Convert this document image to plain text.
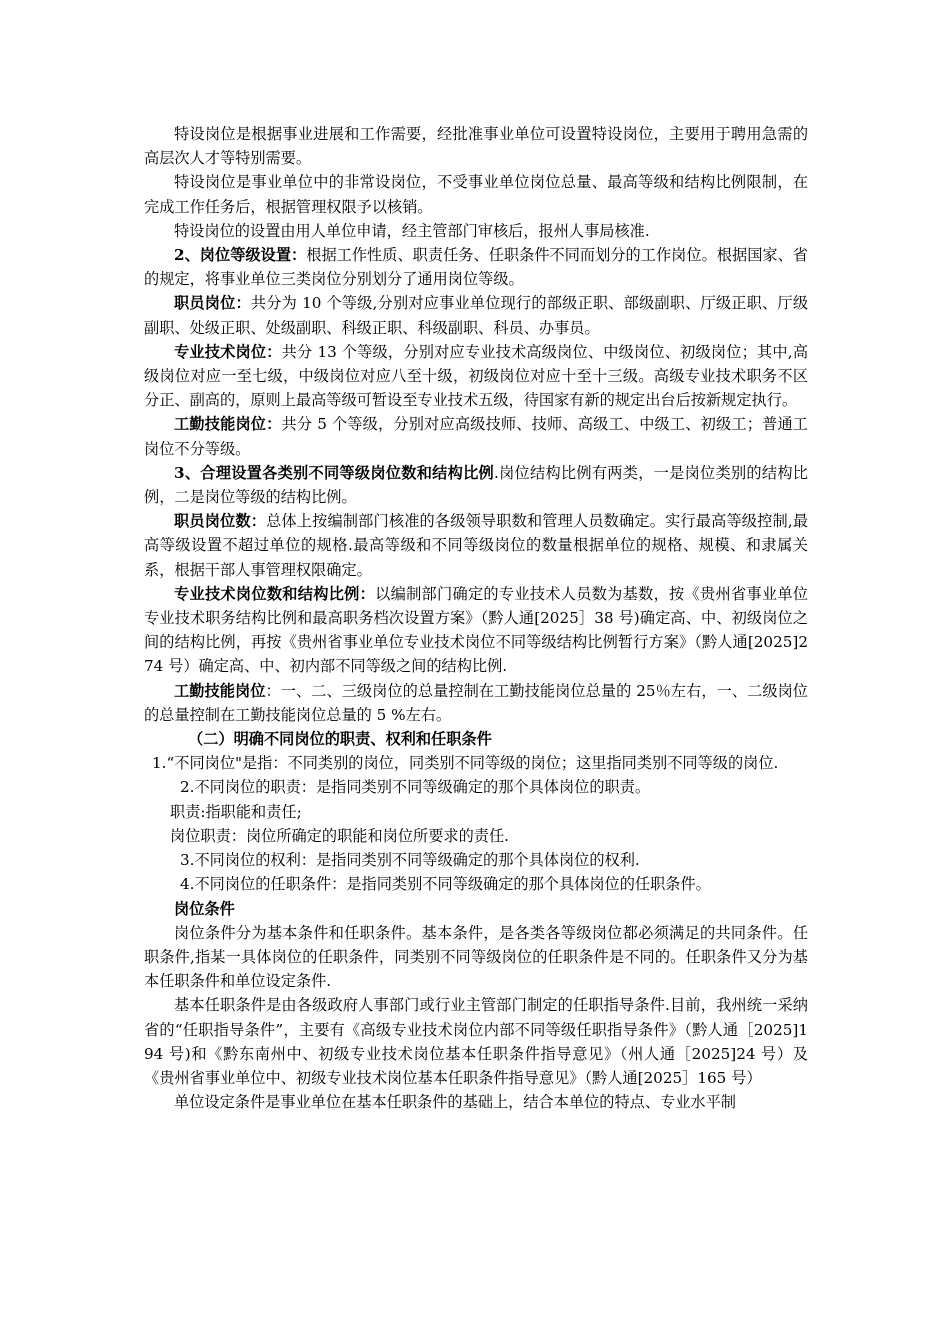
特设岗位是根据事业进展和工作需要，经批准事业单位可设置特设岗位，主要用于聘用急需的高层次人才等特别需要。

特设岗位是事业单位中的非常设岗位，不受事业单位岗位总量、最高等级和结构比例限制，在完成工作任务后，根据管理权限予以核销。

特设岗位的设置由用人单位申请，经主管部门审核后，报州人事局核准.

2、岗位等级设置：根据工作性质、职责任务、任职条件不同而划分的工作岗位。根据国家、省的规定，将事业单位三类岗位分别划分了通用岗位等级。

职员岗位：共分为 10 个等级,分别对应事业单位现行的部级正职、部级副职、厅级正职、厅级副职、处级正职、处级副职、科级正职、科级副职、科员、办事员。

专业技术岗位：共分 13 个等级，分别对应专业技术高级岗位、中级岗位、初级岗位；其中,高级岗位对应一至七级，中级岗位对应八至十级，初级岗位对应十至十三级。高级专业技术职务不区分正、副高的，原则上最高等级可暂设至专业技术五级，待国家有新的规定出台后按新规定执行。

工勤技能岗位：共分 5 个等级，分别对应高级技师、技师、高级工、中级工、初级工；普通工岗位不分等级。

3、合理设置各类别不同等级岗位数和结构比例.岗位结构比例有两类，一是岗位类别的结构比例，二是岗位等级的结构比例。

职员岗位数：总体上按编制部门核准的各级领导职数和管理人员数确定。实行最高等级控制,最高等级设置不超过单位的规格.最高等级和不同等级岗位的数量根据单位的规格、规模、和隶属关系，根据干部人事管理权限确定。

专业技术岗位数和结构比例：以编制部门确定的专业技术人员数为基数，按《贵州省事业单位专业技术职务结构比例和最高职务档次设置方案》（黔人通[2025］38 号)确定高、中、初级岗位之间的结构比例，再按《贵州省事业单位专业技术岗位不同等级结构比例暂行方案》（黔人通[2025]274 号）确定高、中、初内部不同等级之间的结构比例.

工勤技能岗位：一、二、三级岗位的总量控制在工勤技能岗位总量的 25％左右，一、二级岗位的总量控制在工勤技能岗位总量的 5 %左右。

（二）明确不同岗位的职责、权利和任职条件

1.“不同岗位"是指：不同类别的岗位，同类别不同等级的岗位；这里指同类别不同等级的岗位.

2.不同岗位的职责：是指同类别不同等级确定的那个具体岗位的职责。

职责:指职能和责任;

岗位职责：岗位所确定的职能和岗位所要求的责任.

3.不同岗位的权利：是指同类别不同等级确定的那个具体岗位的权利.

4.不同岗位的任职条件：是指同类别不同等级确定的那个具体岗位的任职条件。

岗位条件

岗位条件分为基本条件和任职条件。基本条件，是各类各等级岗位都必须满足的共同条件。任职条件,指某一具体岗位的任职条件，同类别不同等级岗位的任职条件是不同的。任职条件又分为基本任职条件和单位设定条件.

基本任职条件是由各级政府人事部门或行业主管部门制定的任职指导条件.目前，我州统一采纳省的“任职指导条件”，主要有《高级专业技术岗位内部不同等级任职指导条件》（黔人通［2025]194 号)和《黔东南州中、初级专业技术岗位基本任职条件指导意见》（州人通［2025]24 号）及《贵州省事业单位中、初级专业技术岗位基本任职条件指导意见》（黔人通[2025］165 号）

单位设定条件是事业单位在基本任职条件的基础上，结合本单位的特点、专业水平制
